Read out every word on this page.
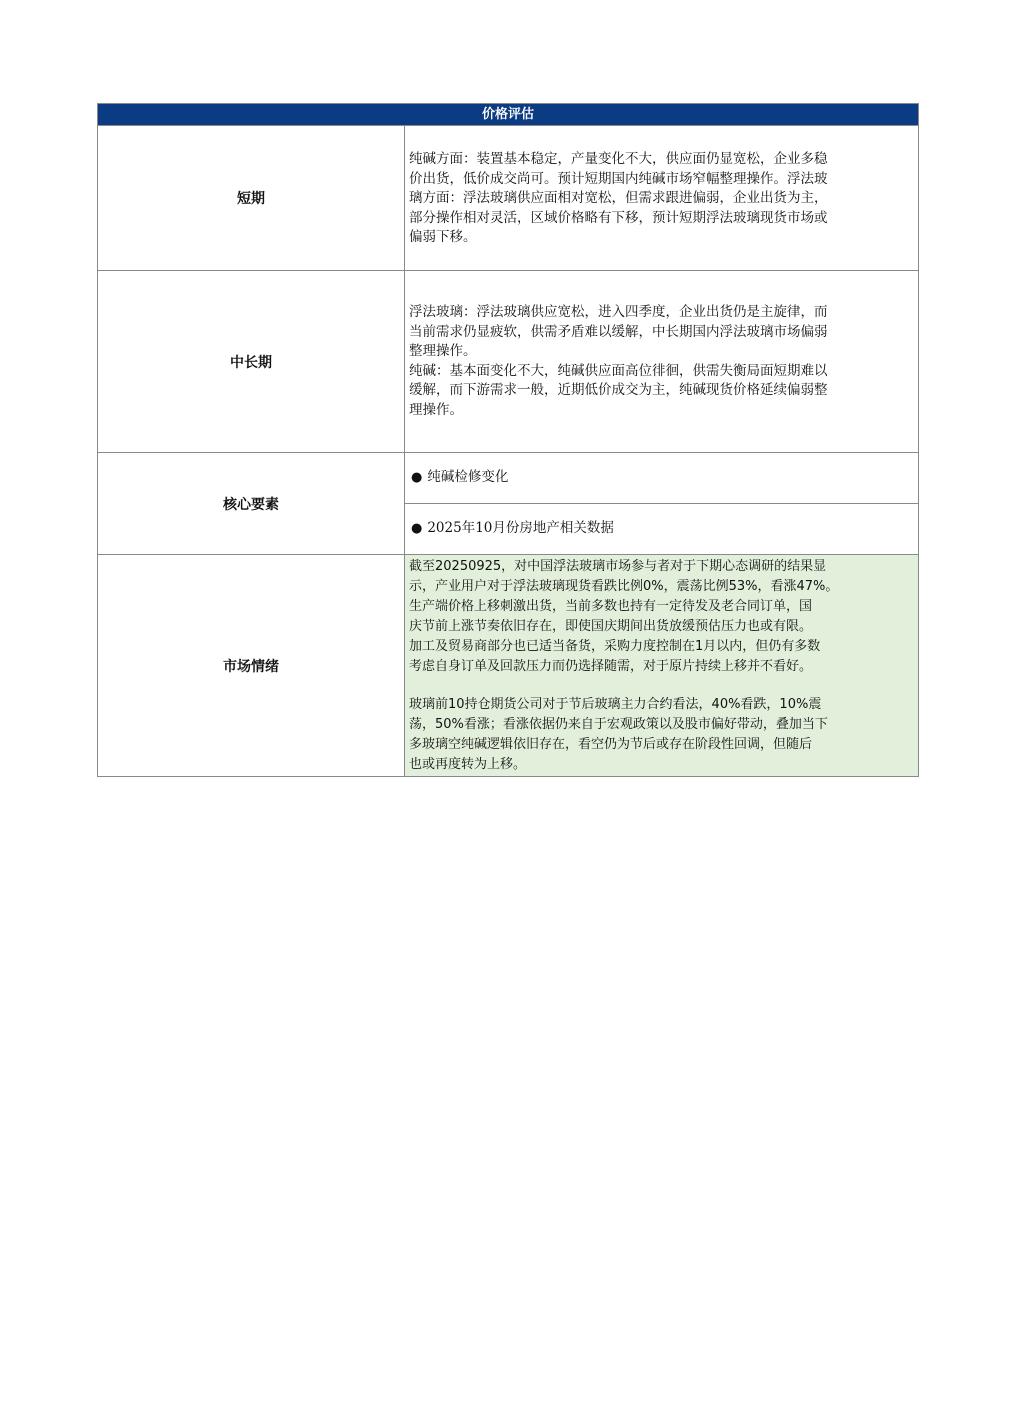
价格评估
短期

纯碱方面：装置基本稳定，产量变化不大，供应面仍显宽松，企业多稳

价出货，低价成交尚可。预计短期国内纯碱市场窄幅整理操作。浮法玻

璃方面：浮法玻璃供应面相对宽松，但需求跟进偏弱，企业出货为主，

部分操作相对灵活，区域价格略有下移，预计短期浮法玻璃现货市场或

偏弱下移。

中长期

浮法玻璃：浮法玻璃供应宽松，进入四季度，企业出货仍是主旋律，而

当前需求仍显疲软，供需矛盾难以缓解，中长期国内浮法玻璃市场偏弱

整理操作。

纯碱：基本面变化不大，纯碱供应面高位徘徊，供需失衡局面短期难以

缓解，而下游需求一般，近期低价成交为主，纯碱现货价格延续偏弱整

理操作。

核心要素
● 纯碱检修变化
● 2025年10月份房地产相关数据
市场情绪

截至20250925，对中国浮法玻璃市场参与者对于下期心态调研的结果显

示，产业用户对于浮法玻璃现货看跌比例0%，震荡比例53%，看涨47%。

生产端价格上移刺激出货，当前多数也持有一定待发及老合同订单，国

庆节前上涨节奏依旧存在，即使国庆期间出货放缓预估压力也或有限。

加工及贸易商部分也已适当备货，采购力度控制在1月以内，但仍有多数

考虑自身订单及回款压力而仍选择随需，对于原片持续上移并不看好。

玻璃前10持仓期货公司对于节后玻璃主力合约看法，40%看跌，10%震

荡，50%看涨；看涨依据仍来自于宏观政策以及股市偏好带动，叠加当下

多玻璃空纯碱逻辑依旧存在，看空仍为节后或存在阶段性回调，但随后

也或再度转为上移。
